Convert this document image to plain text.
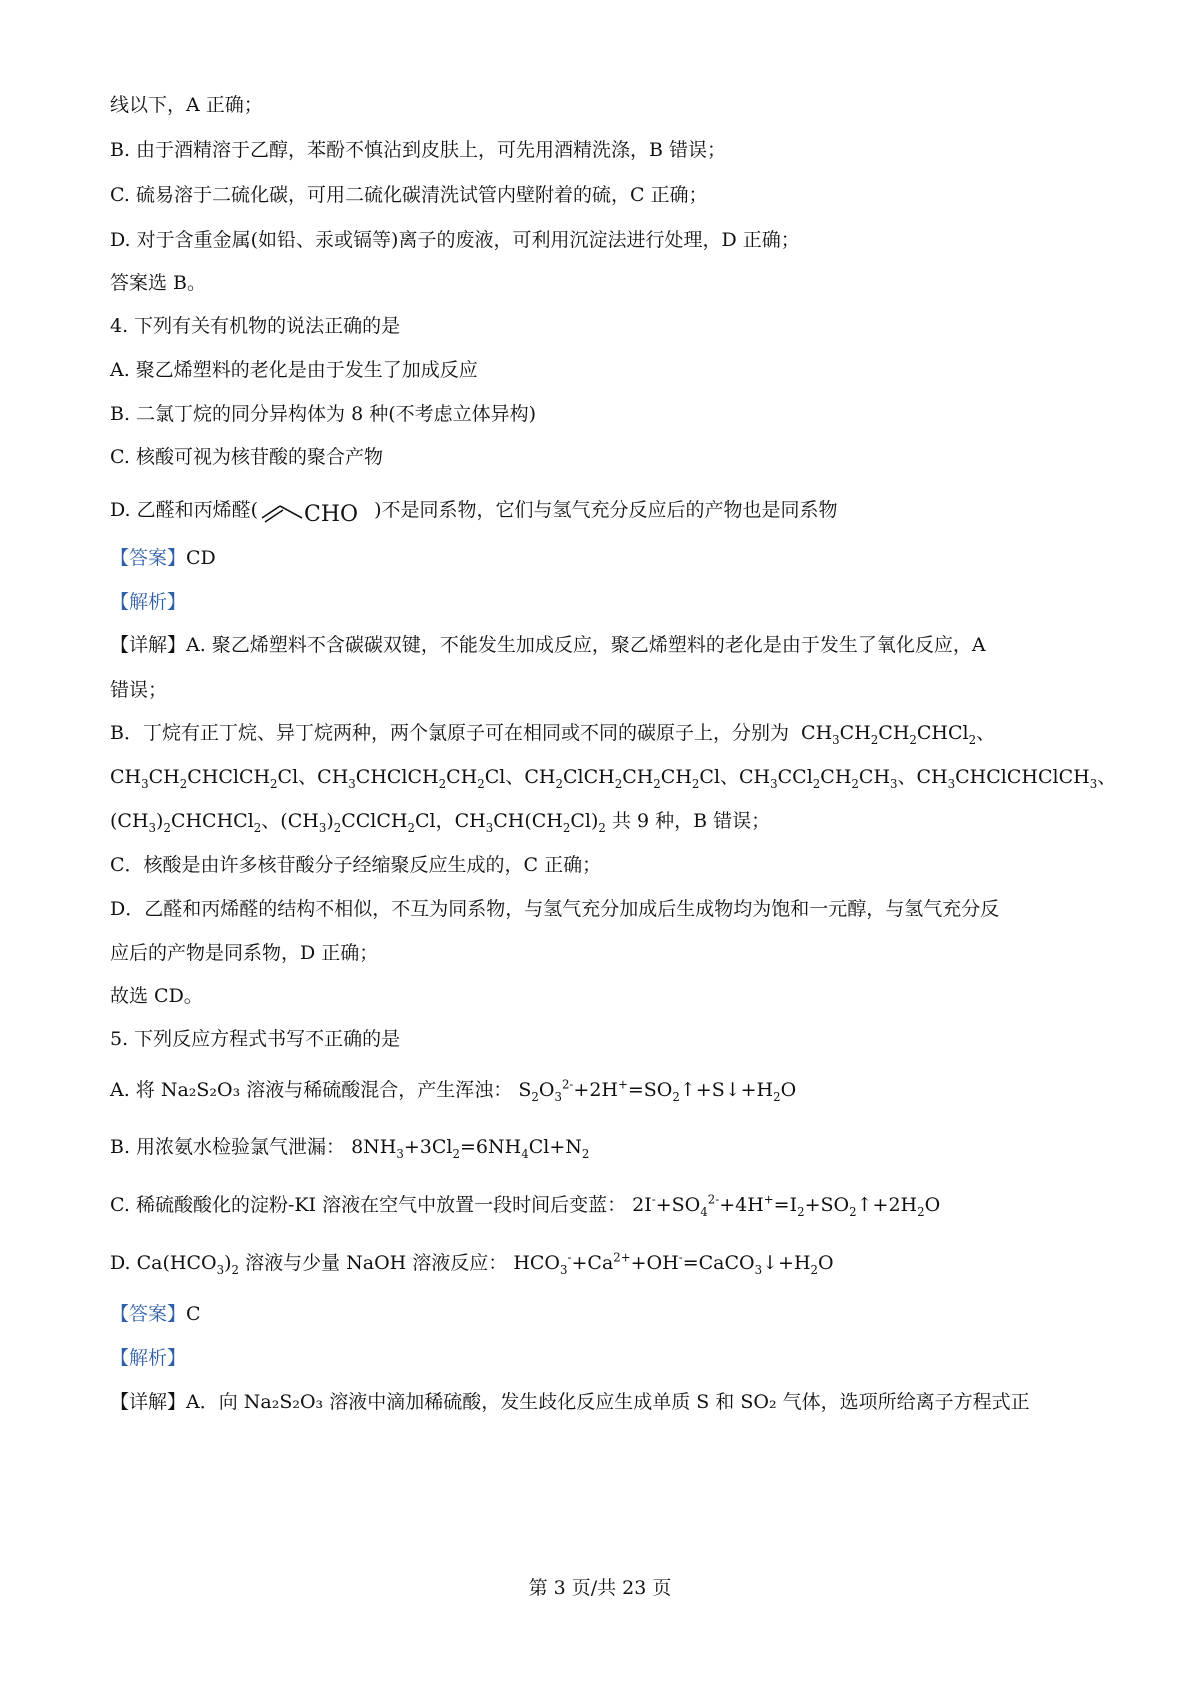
线以下，A 正确；
B. 由于酒精溶于乙醇，苯酚不慎沾到皮肤上，可先用酒精洗涤，B 错误；
C. 硫易溶于二硫化碳，可用二硫化碳清洗试管内壁附着的硫，C 正确；
D. 对于含重金属(如铅、汞或镉等)离子的废液，可利用沉淀法进行处理，D 正确；
答案选 B。
4. 下列有关有机物的说法正确的是
A. 聚乙烯塑料的老化是由于发生了加成反应
B. 二氯丁烷的同分异构体为 8 种(不考虑立体异构)
C. 核酸可视为核苷酸的聚合产物
D. 乙醛和丙烯醛( CHO )不是同系物，它们与氢气充分反应后的产物也是同系物
【答案】CD
【解析】
【详解】A. 聚乙烯塑料不含碳碳双键，不能发生加成反应，聚乙烯塑料的老化是由于发生了氧化反应，A
错误；
B．丁烷有正丁烷、异丁烷两种，两个氯原子可在相同或不同的碳原子上，分别为  $CH_3CH_2CH_2CHCl_2$、
$CH_3CH_2CHClCH_2Cl$、$CH_3CHClCH_2CH_2Cl$、$CH_2ClCH_2CH_2CH_2Cl$、$CH_3CCl_2CH_2CH_3$、$CH_3CHClCHClCH_3$、
$(CH_3)_2CHCHCl_2$、$(CH_3)_2CClCH_2Cl$，$CH_3CH(CH_2Cl)_2$ 共 9 种，B 错误；
C．核酸是由许多核苷酸分子经缩聚反应生成的，C 正确；
D．乙醛和丙烯醛的结构不相似，不互为同系物，与氢气充分加成后生成物均为饱和一元醇，与氢气充分反
应后的产物是同系物，D 正确；
故选 CD。
5. 下列反应方程式书写不正确的是
A. 将 Na₂S₂O₃ 溶液与稀硫酸混合，产生浑浊： $S_2O_3^{2-}+2H^+=SO_2↑+S↓+H_2O$
B. 用浓氨水检验氯气泄漏： $8NH_3+3Cl_2=6NH_4Cl+N_2$
C. 稀硫酸酸化的淀粉-KI 溶液在空气中放置一段时间后变蓝： $2I^-+SO_4^{2-}+4H^+=I_2+SO_2↑+2H_2O$
D. $Ca(HCO_3)_2$ 溶液与少量 NaOH 溶液反应： $HCO_3^-+Ca^{2+}+OH^-=CaCO_3↓+H_2O$
【答案】C
【解析】
【详解】A．向 Na₂S₂O₃ 溶液中滴加稀硫酸，发生歧化反应生成单质 S 和 SO₂ 气体，选项所给离子方程式正
第 3 页/共 23 页
